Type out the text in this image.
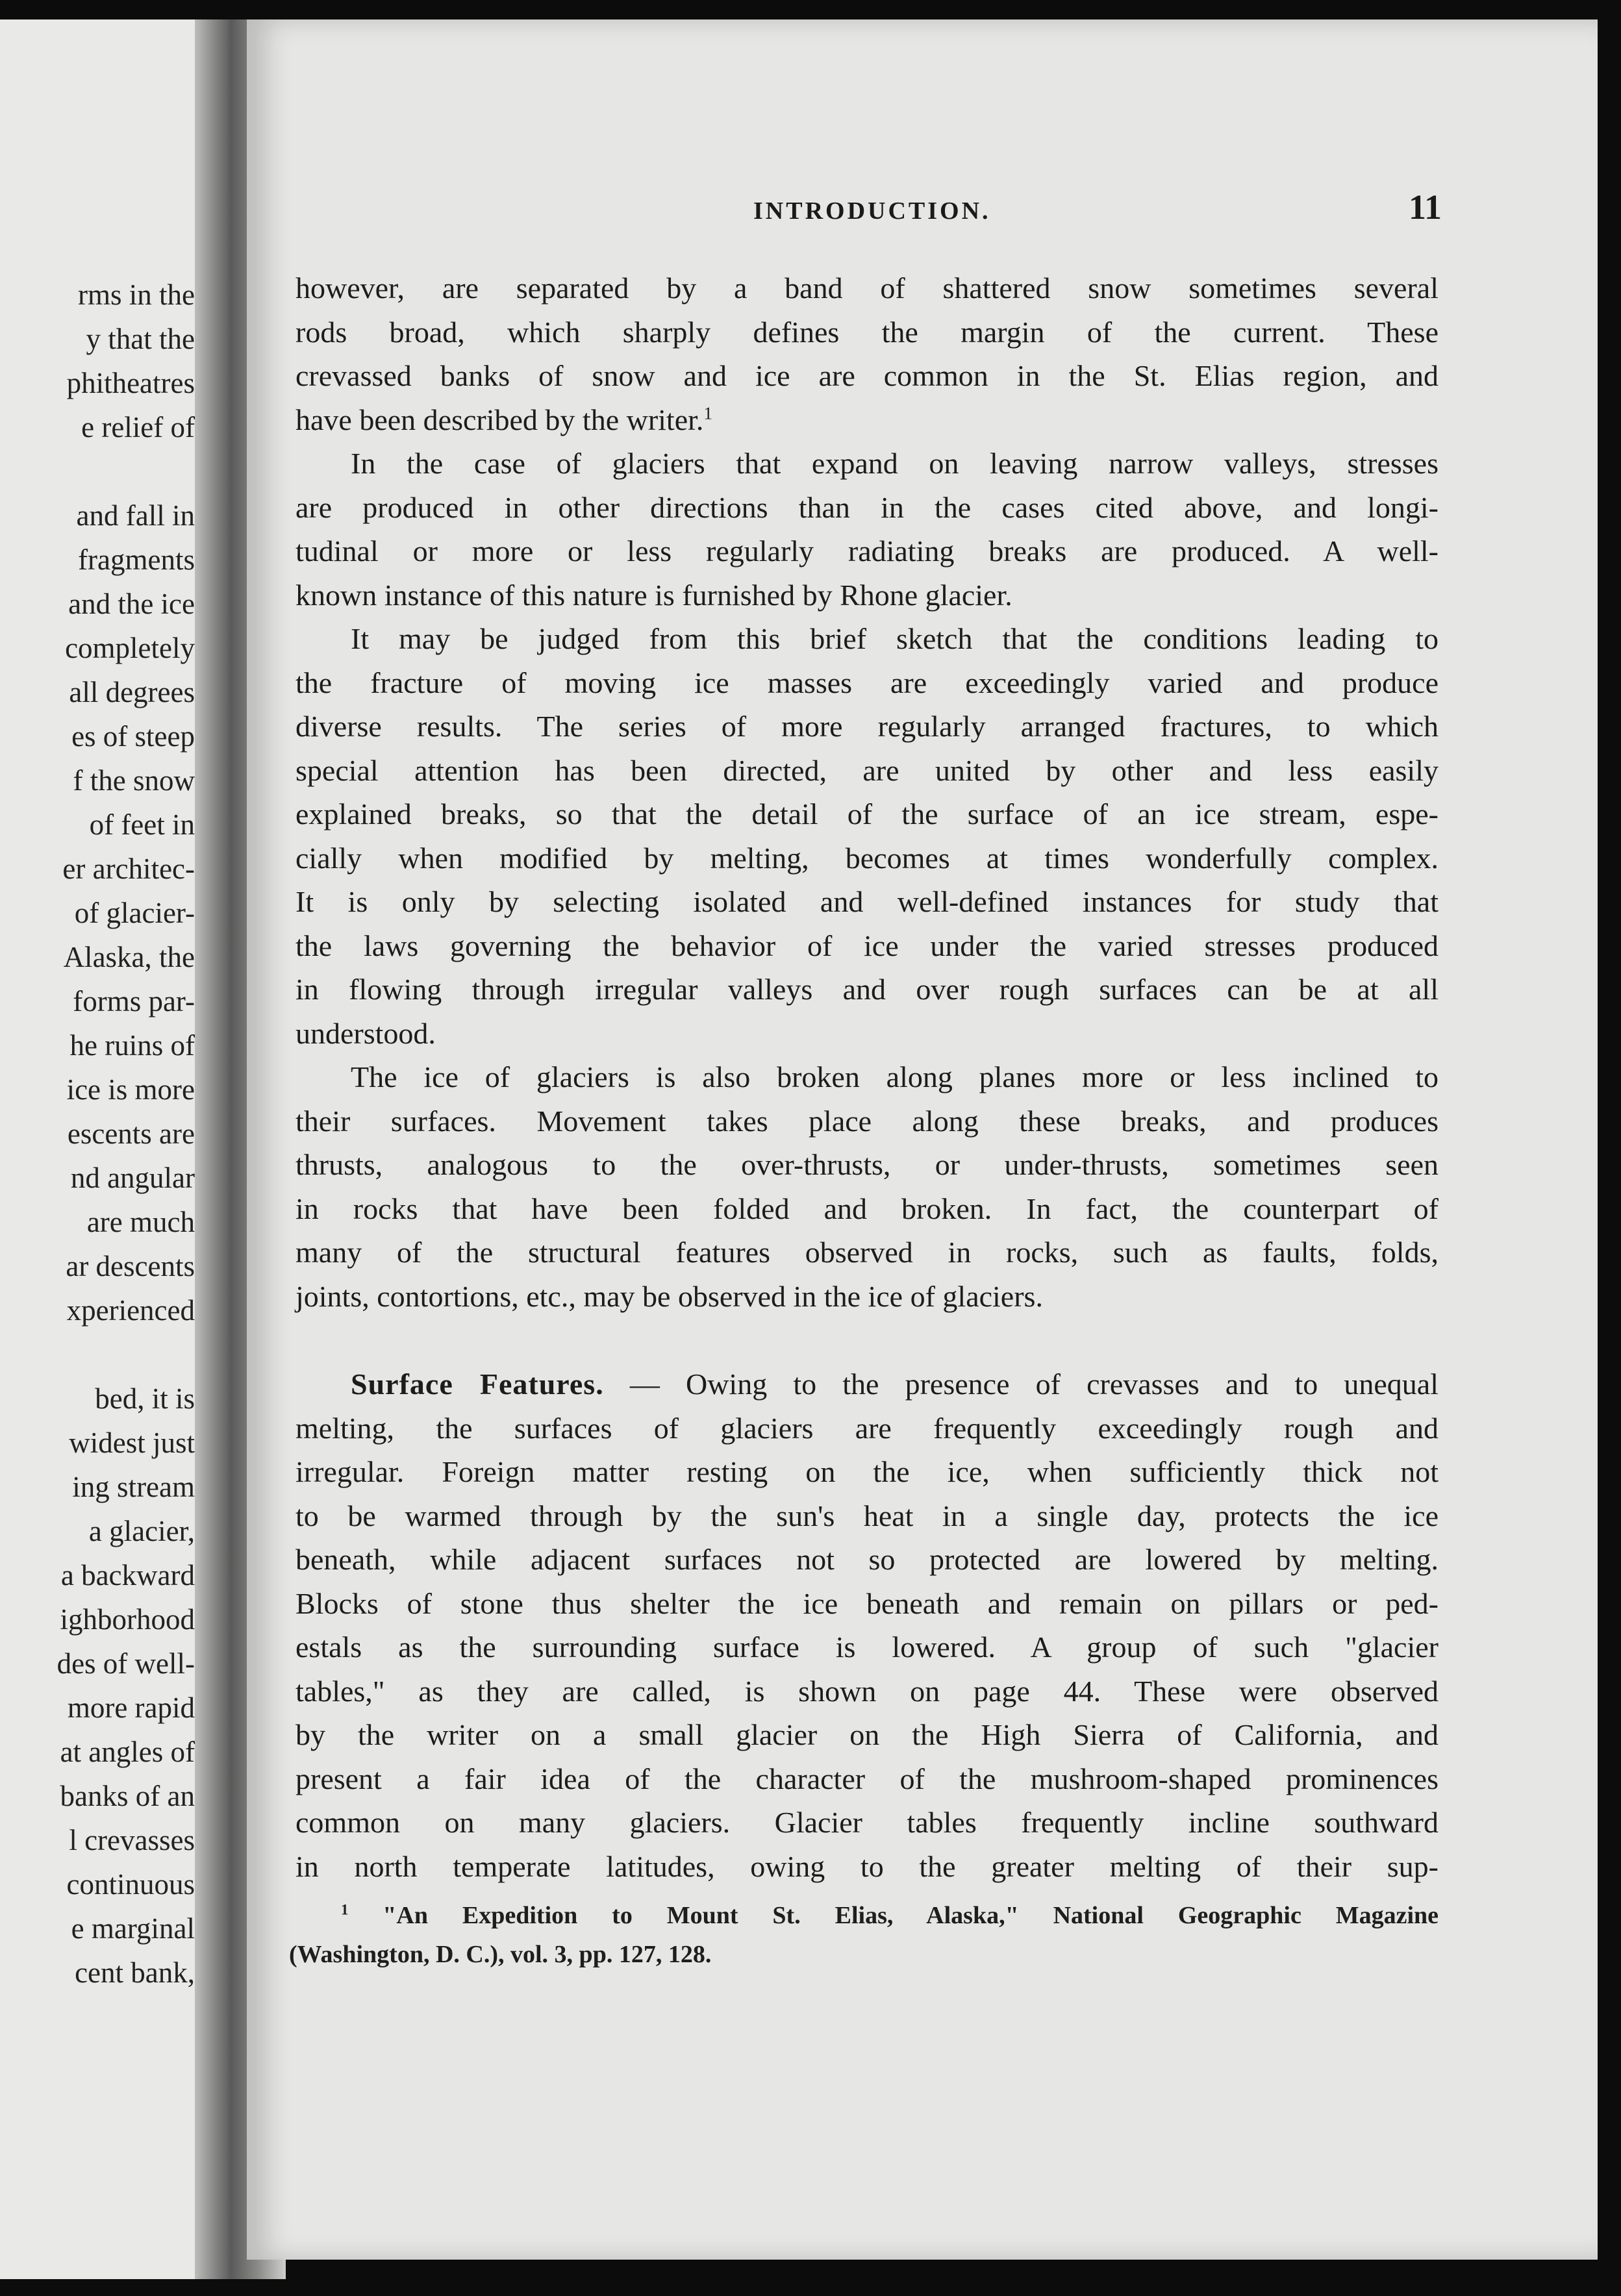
rms in the
y that the
phitheatres
e relief of
and fall in
fragments
and the ice
completely
all degrees
es of steep
f the snow
of feet in
er architec-
of glacier-
Alaska, the
forms par-
he ruins of
ice is more
escents are
nd angular
are much
ar descents
xperienced
bed, it is
widest just
ing stream
a glacier,
a backward
ighborhood
des of well-
more rapid
at angles of
banks of an
l crevasses
continuous
e marginal
cent bank,
INTRODUCTION.	11
however, are separated by a band of shattered snow sometimes several
rods broad, which sharply defines the margin of the current. These
crevassed banks of snow and ice are common in the St. Elias region, and
have been described by the writer.$^1$
In the case of glaciers that expand on leaving narrow valleys, stresses
are produced in other directions than in the cases cited above, and longi-
tudinal or more or less regularly radiating breaks are produced. A well-
known instance of this nature is furnished by Rhone glacier.
It may be judged from this brief sketch that the conditions leading to
the fracture of moving ice masses are exceedingly varied and produce
diverse results. The series of more regularly arranged fractures, to which
special attention has been directed, are united by other and less easily
explained breaks, so that the detail of the surface of an ice stream, espe-
cially when modified by melting, becomes at times wonderfully complex.
It is only by selecting isolated and well-defined instances for study that
the laws governing the behavior of ice under the varied stresses produced
in flowing through irregular valleys and over rough surfaces can be at all
understood.
The ice of glaciers is also broken along planes more or less inclined to
their surfaces. Movement takes place along these breaks, and produces
thrusts, analogous to the over-thrusts, or under-thrusts, sometimes seen
in rocks that have been folded and broken. In fact, the counterpart of
many of the structural features observed in rocks, such as faults, folds,
joints, contortions, etc., may be observed in the ice of glaciers.
Surface Features. — Owing to the presence of crevasses and to unequal
melting, the surfaces of glaciers are frequently exceedingly rough and
irregular. Foreign matter resting on the ice, when sufficiently thick not
to be warmed through by the sun's heat in a single day, protects the ice
beneath, while adjacent surfaces not so protected are lowered by melting.
Blocks of stone thus shelter the ice beneath and remain on pillars or ped-
estals as the surrounding surface is lowered. A group of such "glacier
tables," as they are called, is shown on page 44. These were observed
by the writer on a small glacier on the High Sierra of California, and
present a fair idea of the character of the mushroom-shaped prominences
common on many glaciers. Glacier tables frequently incline southward
in north temperate latitudes, owing to the greater melting of their sup-
$^1$ "An Expedition to Mount St. Elias, Alaska," National Geographic Magazine
(Washington, D. C.), vol. 3, pp. 127, 128.
